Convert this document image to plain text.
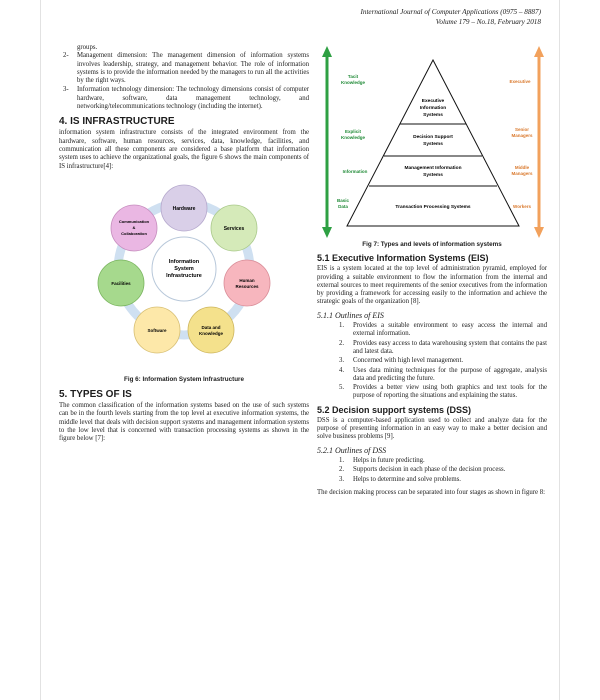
International Journal of Computer Applications (0975 – 8887)
Volume 179 – No.18, February 2018
groups.
2-	Management dimension: The management dimension of information systems involves leadership, strategy, and management behavior. The role of information systems is to provide the information needed by the managers to run all the activities by the right ways.
3-	Information technology dimension: The technology dimensions consist of computer hardware, software, data management technology, and networking/telecommunications technology (including the internet).
4. IS INFRASTRUCTURE

information system infrastructure consists of the integrated environment from the hardware, software, human resources, services, data, knowledge, facilities, and communication all these components are considered a base platform that information system uses to achieve the organizational goals, the figure 6 shows the main components of IS infrastructure[4]:

Hardware
Services
Human
Resources
Data and
Knowledge
Software
Facilities
Communication
&
Collaboration
Information
System
Infrastructure
Fig 6: Information System Infrastructure
5. TYPES OF IS

The common classification of the information systems based on the use of such systems can be in the fourth levels starting from the top level at executive information systems, the middle level that deals with decision support systems and management information systems to the low level that is concerned with transaction processing systems as shown in the figure below [7]:

Executive
Information
Systems
Decision Support
Systems
Management Information
Systems
Transaction Processing Systems
Tacit
Knowledge
Explicit
Knowledge
Information
Basic
Data
Executive
Senior
Managers
Middle
Managers
Workers
Fig 7: Types and levels of information systems
5.1 Executive Information Systems (EIS)

EIS is a system located at the top level of administration pyramid, employed for providing a suitable environment to flow the information from the internal and external sources to meet requirements of the senior executives from the information by providing a framework for accessing easily to the information and achieve the strategic goals of the organization [8].

5.1.1 Outlines of EIS
1.	Provides a suitable environment to easy access the internal and external information.
2.	Provides easy access to data warehousing system that contains the past and latest data.
3.	Concerned with high level management.
4.	Uses data mining techniques for the purpose of aggregate, analysis data and predicting the future.
5.	Provides a better view using both graphics and text tools for the purpose of reporting the situations and explaining the status.
5.2 Decision support systems (DSS)

DSS is a computer-based application used to collect and analyze data for the purpose of presenting information in an easy way to make a better decision and solve business problems [9].

5.2.1 Outlines of DSS
1.	Helps in future predicting.
2.	Supports decision in each phase of the decision process.
3.	Helps to determine and solve problems.

The decision making process can be separated into four stages as shown in figure 8:
